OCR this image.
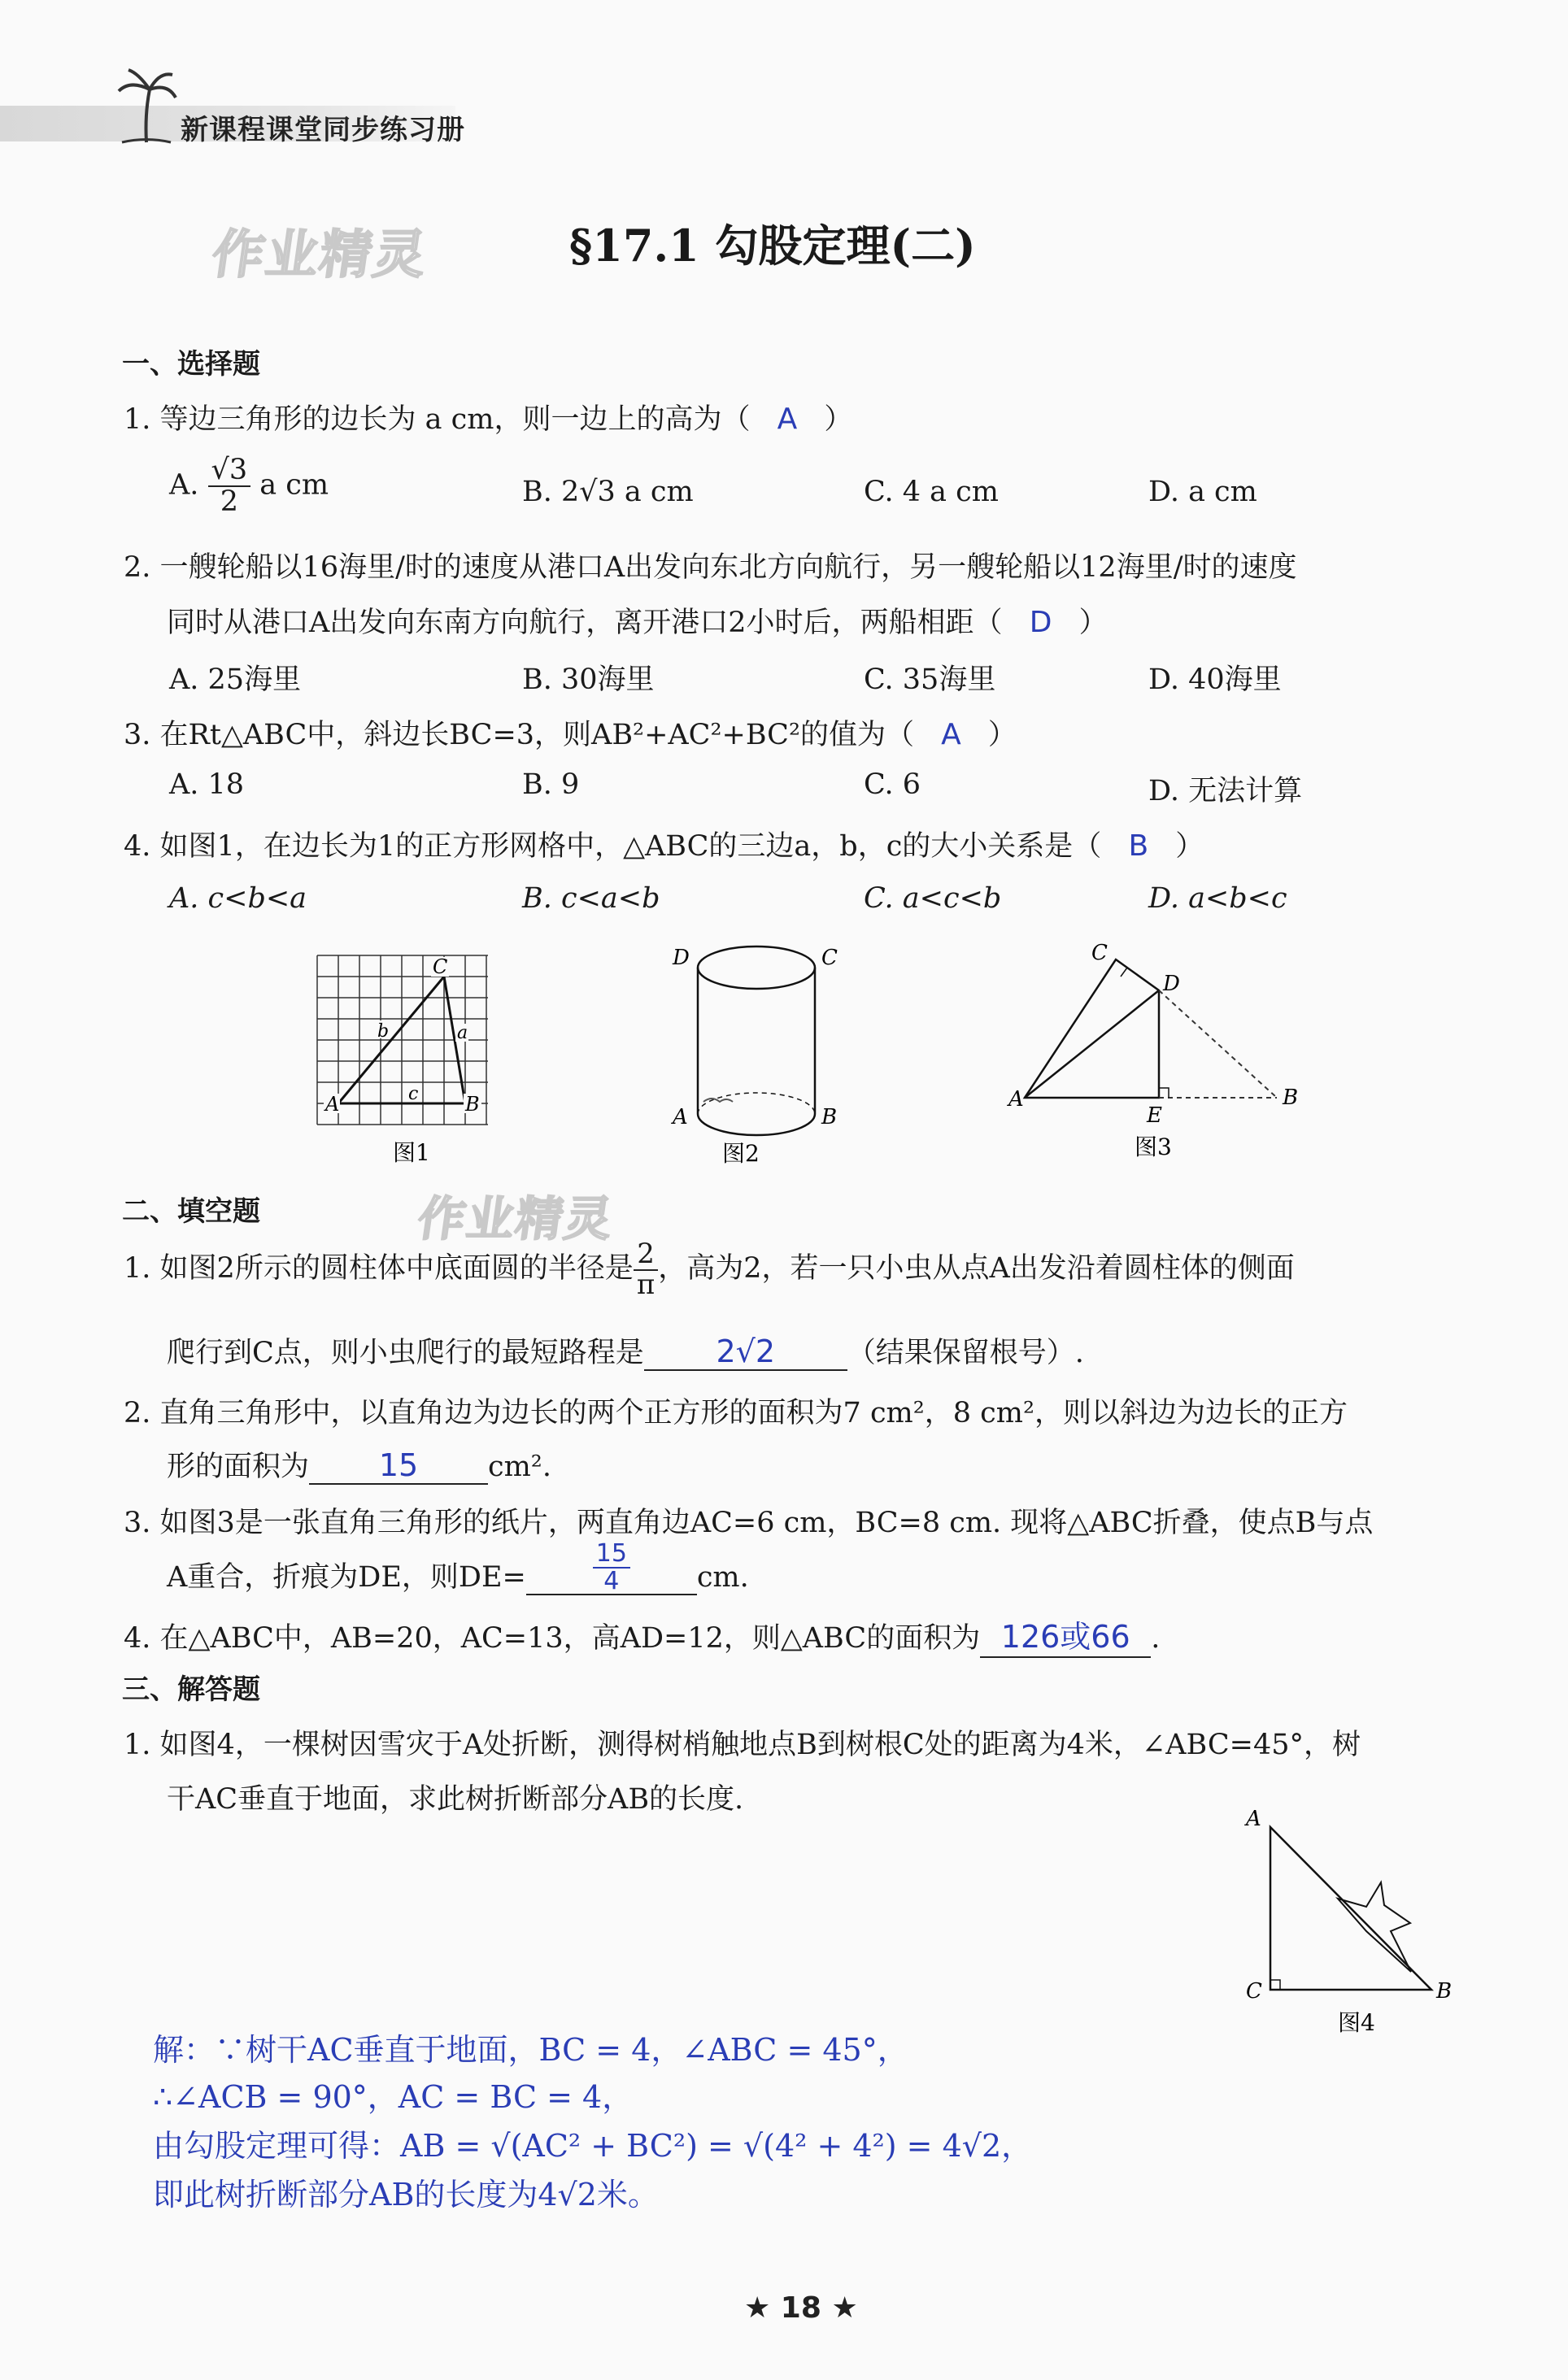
新课程课堂同步练习册
作业精灵
作业精灵
§17.1 勾股定理(二)
一、选择题
1. 等边三角形的边长为 a cm，则一边上的高为（ A ）
A. $\frac{√3}{2}$ a cm	B. 2√3 a cm	C. 4 a cm	D. a cm
2. 一艘轮船以16海里/时的速度从港口A出发向东北方向航行，另一艘轮船以12海里/时的速度
同时从港口A出发向东南方向航行，离开港口2小时后，两船相距（ D ）
A. 25海里	B. 30海里	C. 35海里	D. 40海里
3. 在Rt△ABC中，斜边长BC=3，则AB²+AC²+BC²的值为（ A ）
A. 18	B. 9	C. 6	D. 无法计算
4. 如图1，在边长为1的正方形网格中，△ABC的三边a，b，c的大小关系是（ B ）
A. c<b<a	B. c<a<b	C. a<c<b	D. a<b<c
A	B
C
a
b
c
图1
D	C
A	B
图2
A	B
C
D
E
图3
二、填空题
1. 如图2所示的圆柱体中底面圆的半径是 $\frac{2}{\pi}$ ，高为2，若一只小虫从点A出发沿着圆柱体的侧面
爬行到C点，则小虫爬行的最短路程是 2√2	（结果保留根号）.
2. 直角三角形中，以直角边为边长的两个正方形的面积为7 cm²，8 cm²，则以斜边为边长的正方
形的面积为 15 cm².
3. 如图3是一张直角三角形的纸片，两直角边AC=6 cm，BC=8 cm. 现将△ABC折叠，使点B与点
A重合，折痕为DE，则DE=	$\frac{15}{4}$ cm.
4. 在△ABC中，AB=20，AC=13，高AD=12，则△ABC的面积为 126或66 .
三、解答题
1. 如图4，一棵树因雪灾于A处折断，测得树梢触地点B到树根C处的距离为4米，∠ABC=45°，树
干AC垂直于地面，求此树折断部分AB的长度.
A
C	B
图4
解：∵树干AC垂直于地面，BC = 4，∠ABC = 45°，
∴∠ACB = 90°，AC = BC = 4，
由勾股定理可得：AB = √(AC² + BC²) = √(4² + 4²) = 4√2，
即此树折断部分AB的长度为4√2米。
★ 18 ★
